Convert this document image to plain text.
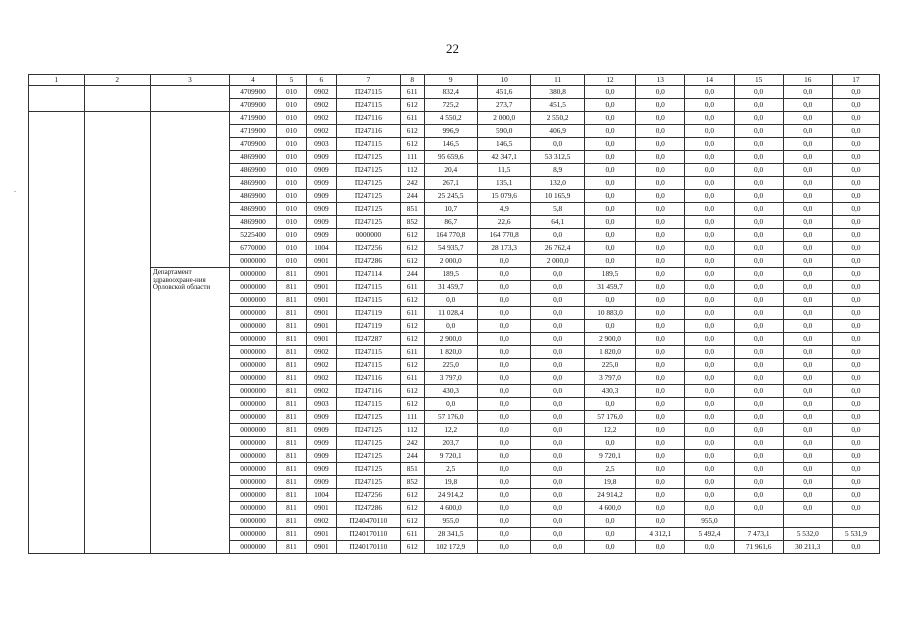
22
.
1	2	3	4	5	6	7	8	9	10	11	12	13	14	15	16	17
			4709900	010	0902	П247115	611	832,4	451,6	380,8	0,0	0,0	0,0	0,0	0,0	0,0
			4709900	010	0902	П247115	612	725,2	273,7	451,5	0,0	0,0	0,0	0,0	0,0	0,0
			4719900	010	0902	П247116	611	4 550,2	2 000,0	2 550,2	0,0	0,0	0,0	0,0	0,0	0,0
			4719900	010	0902	П247116	612	996,9	590,0	406,9	0,0	0,0	0,0	0,0	0,0	0,0
			4709900	010	0903	П247115	612	146,5	146,5	0,0	0,0	0,0	0,0	0,0	0,0	0,0
			4869900	010	0909	П247125	111	95 659,6	42 347,1	53 312,5	0,0	0,0	0,0	0,0	0,0	0,0
			4869900	010	0909	П247125	112	20,4	11,5	8,9	0,0	0,0	0,0	0,0	0,0	0,0
			4869900	010	0909	П247125	242	267,1	135,1	132,0	0,0	0,0	0,0	0,0	0,0	0,0
			4869900	010	0909	П247125	244	25 245,5	15 079,6	10 165,9	0,0	0,0	0,0	0,0	0,0	0,0
			4869900	010	0909	П247125	851	10,7	4,9	5,8	0,0	0,0	0,0	0,0	0,0	0,0
			4869900	010	0909	П247125	852	86,7	22,6	64,1	0,0	0,0	0,0	0,0	0,0	0,0
			5225400	010	0909	0000000	612	164 770,8	164 770,8	0,0	0,0	0,0	0,0	0,0	0,0	0,0
			6770000	010	1004	П247256	612	54 935,7	28 173,3	26 762,4	0,0	0,0	0,0	0,0	0,0	0,0
			0000000	010	0901	П247286	612	2 000,0	0,0	2 000,0	0,0	0,0	0,0	0,0	0,0	0,0
		Департамент здравоохране-ния Орловской области	0000000	811	0901	П247114	244	189,5	0,0	0,0	189,5	0,0	0,0	0,0	0,0	0,0
			0000000	811	0901	П247115	611	31 459,7	0,0	0,0	31 459,7	0,0	0,0	0,0	0,0	0,0
			0000000	811	0901	П247115	612	0,0	0,0	0,0	0,0	0,0	0,0	0,0	0,0	0,0
			0000000	811	0901	П247119	611	11 028,4	0,0	0,0	10 883,0	0,0	0,0	0,0	0,0	0,0
			0000000	811	0901	П247119	612	0,0	0,0	0,0	0,0	0,0	0,0	0,0	0,0	0,0
			0000000	811	0901	П247287	612	2 900,0	0,0	0,0	2 900,0	0,0	0,0	0,0	0,0	0,0
			0000000	811	0902	П247115	611	1 820,0	0,0	0,0	1 820,0	0,0	0,0	0,0	0,0	0,0
			0000000	811	0902	П247115	612	225,0	0,0	0,0	225,0	0,0	0,0	0,0	0,0	0,0
			0000000	811	0902	П247116	611	3 797,0	0,0	0,0	3 797,0	0,0	0,0	0,0	0,0	0,0
			0000000	811	0902	П247116	612	430,3	0,0	0,0	430,3	0,0	0,0	0,0	0,0	0,0
			0000000	811	0903	П247115	612	0,0	0,0	0,0	0,0	0,0	0,0	0,0	0,0	0,0
			0000000	811	0909	П247125	111	57 176,0	0,0	0,0	57 176,0	0,0	0,0	0,0	0,0	0,0
			0000000	811	0909	П247125	112	12,2	0,0	0,0	12,2	0,0	0,0	0,0	0,0	0,0
			0000000	811	0909	П247125	242	203,7	0,0	0,0	0,0	0,0	0,0	0,0	0,0	0,0
			0000000	811	0909	П247125	244	9 720,1	0,0	0,0	9 720,1	0,0	0,0	0,0	0,0	0,0
			0000000	811	0909	П247125	851	2,5	0,0	0,0	2,5	0,0	0,0	0,0	0,0	0,0
			0000000	811	0909	П247125	852	19,8	0,0	0,0	19,8	0,0	0,0	0,0	0,0	0,0
			0000000	811	1004	П247256	612	24 914,2	0,0	0,0	24 914,2	0,0	0,0	0,0	0,0	0,0
			0000000	811	0901	П247286	612	4 600,0	0,0	0,0	4 600,0	0,0	0,0	0,0	0,0	0,0
			0000000	811	0902	П240470110	612	955,0	0,0	0,0	0,0	0,0	955,0			
			0000000	811	0901	П240170110	611	28 341,5	0,0	0,0	0,0	4 312,1	5 492,4	7 473,1	5 532,0	5 531,9
			0000000	811	0901	П240170110	612	102 172,9	0,0	0,0	0,0	0,0	0,0	71 961,6	30 211,3	0,0
